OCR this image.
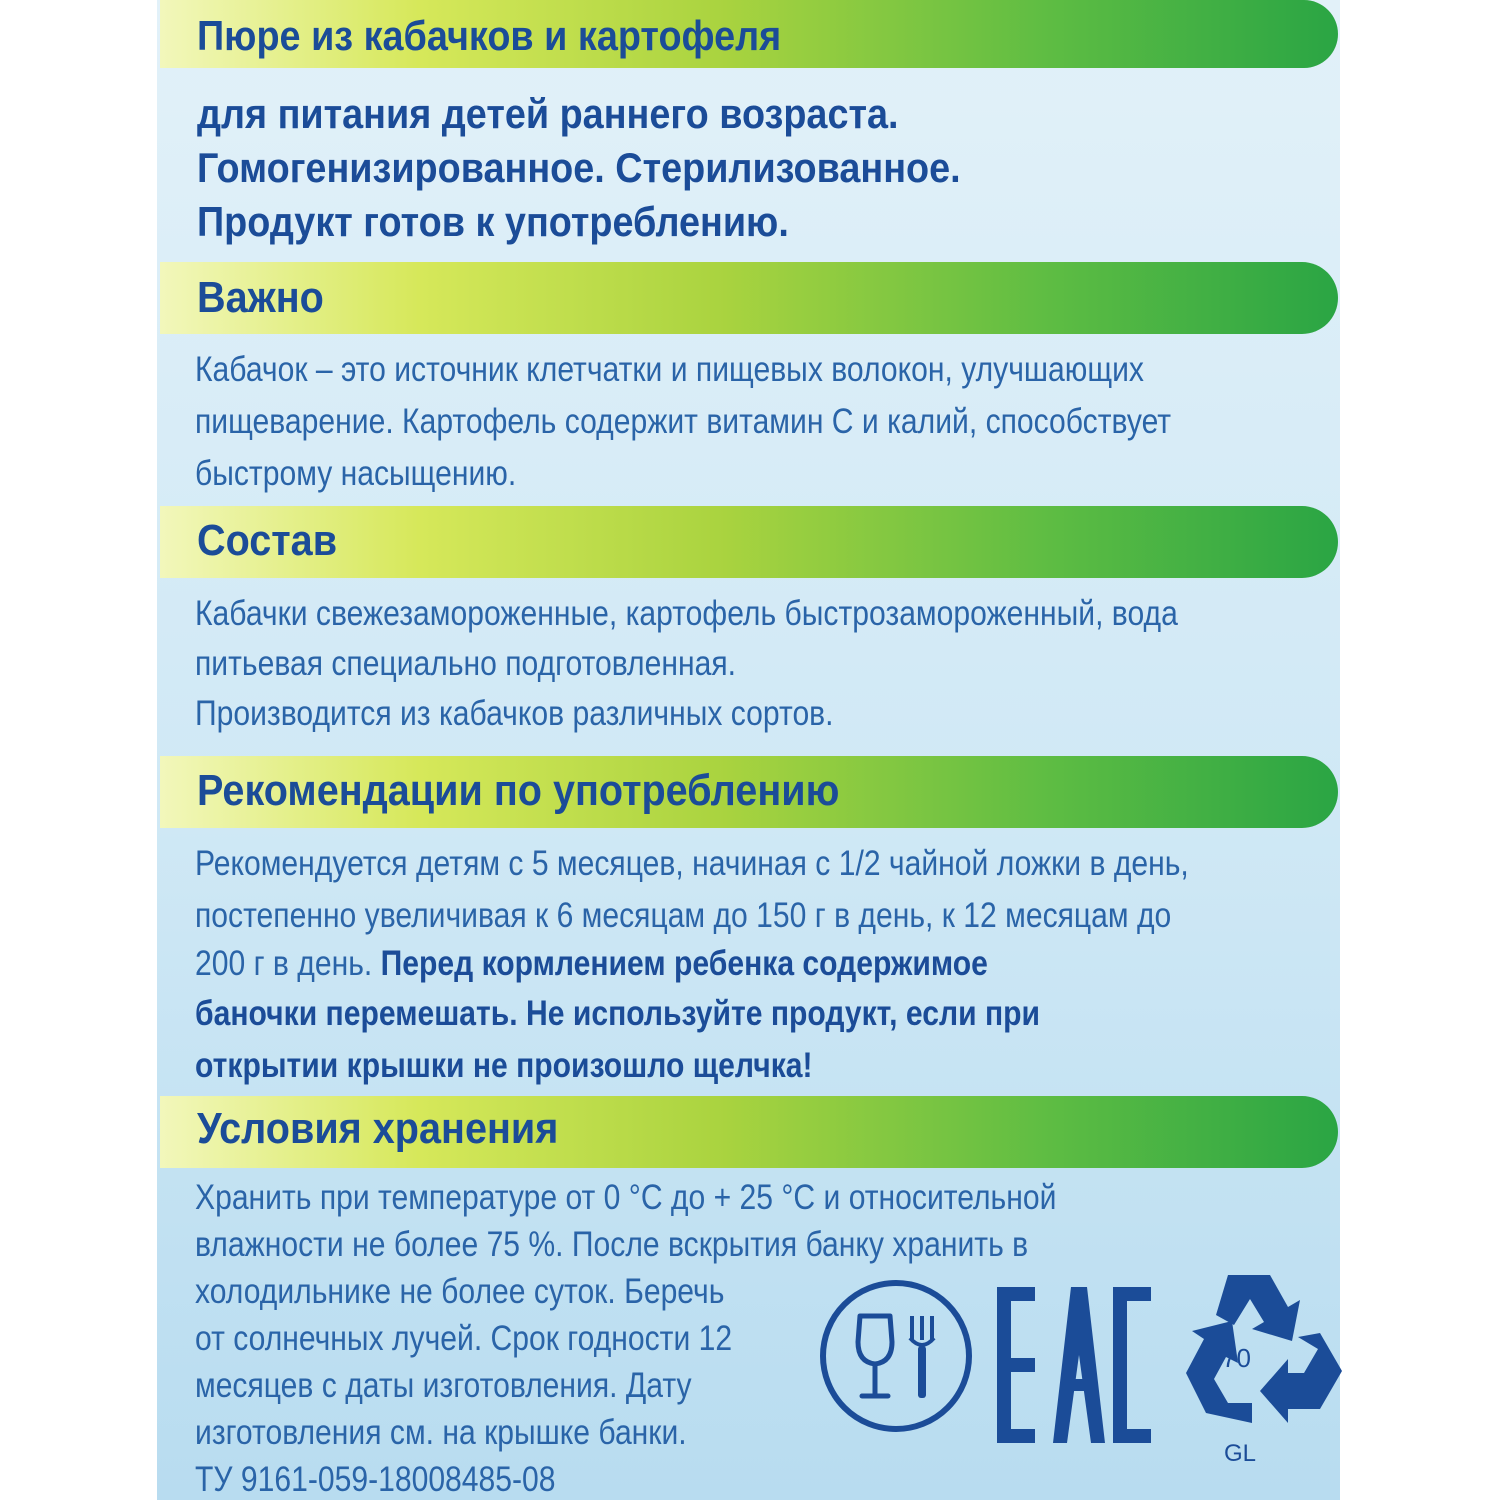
Пюре из кабачков и картофеля
для питания детей раннего возраста.
Гомогенизированное. Стерилизованное.
Продукт готов к употреблению.
Важно
Кабачок – это источник клетчатки и пищевых волокон, улучшающих
пищеварение. Картофель содержит витамин С и калий, способствует
быстрому насыщению.
Состав
Кабачки свежезамороженные, картофель быстрозамороженный, вода
питьевая специально подготовленная.
Производится из кабачков различных сортов.
Рекомендации по употреблению
Рекомендуется детям с 5 месяцев, начиная с 1/2 чайной ложки в день,
постепенно увеличивая к 6 месяцам до 150 г в день, к 12 месяцам до
200 г в день. Перед кормлением ребенка содержимое
баночки перемешать. Не используйте продукт, если при
открытии крышки не произошло щелчка!
Условия хранения
Хранить при температуре от 0 °С до + 25 °С и относительной
влажности не более 75 %. После вскрытия банку хранить в
холодильнике не более суток. Беречь
от солнечных лучей. Срок годности 12
месяцев с даты изготовления. Дату
изготовления см. на крышке банки.
ТУ 9161-059-18008485-08
70
GL
